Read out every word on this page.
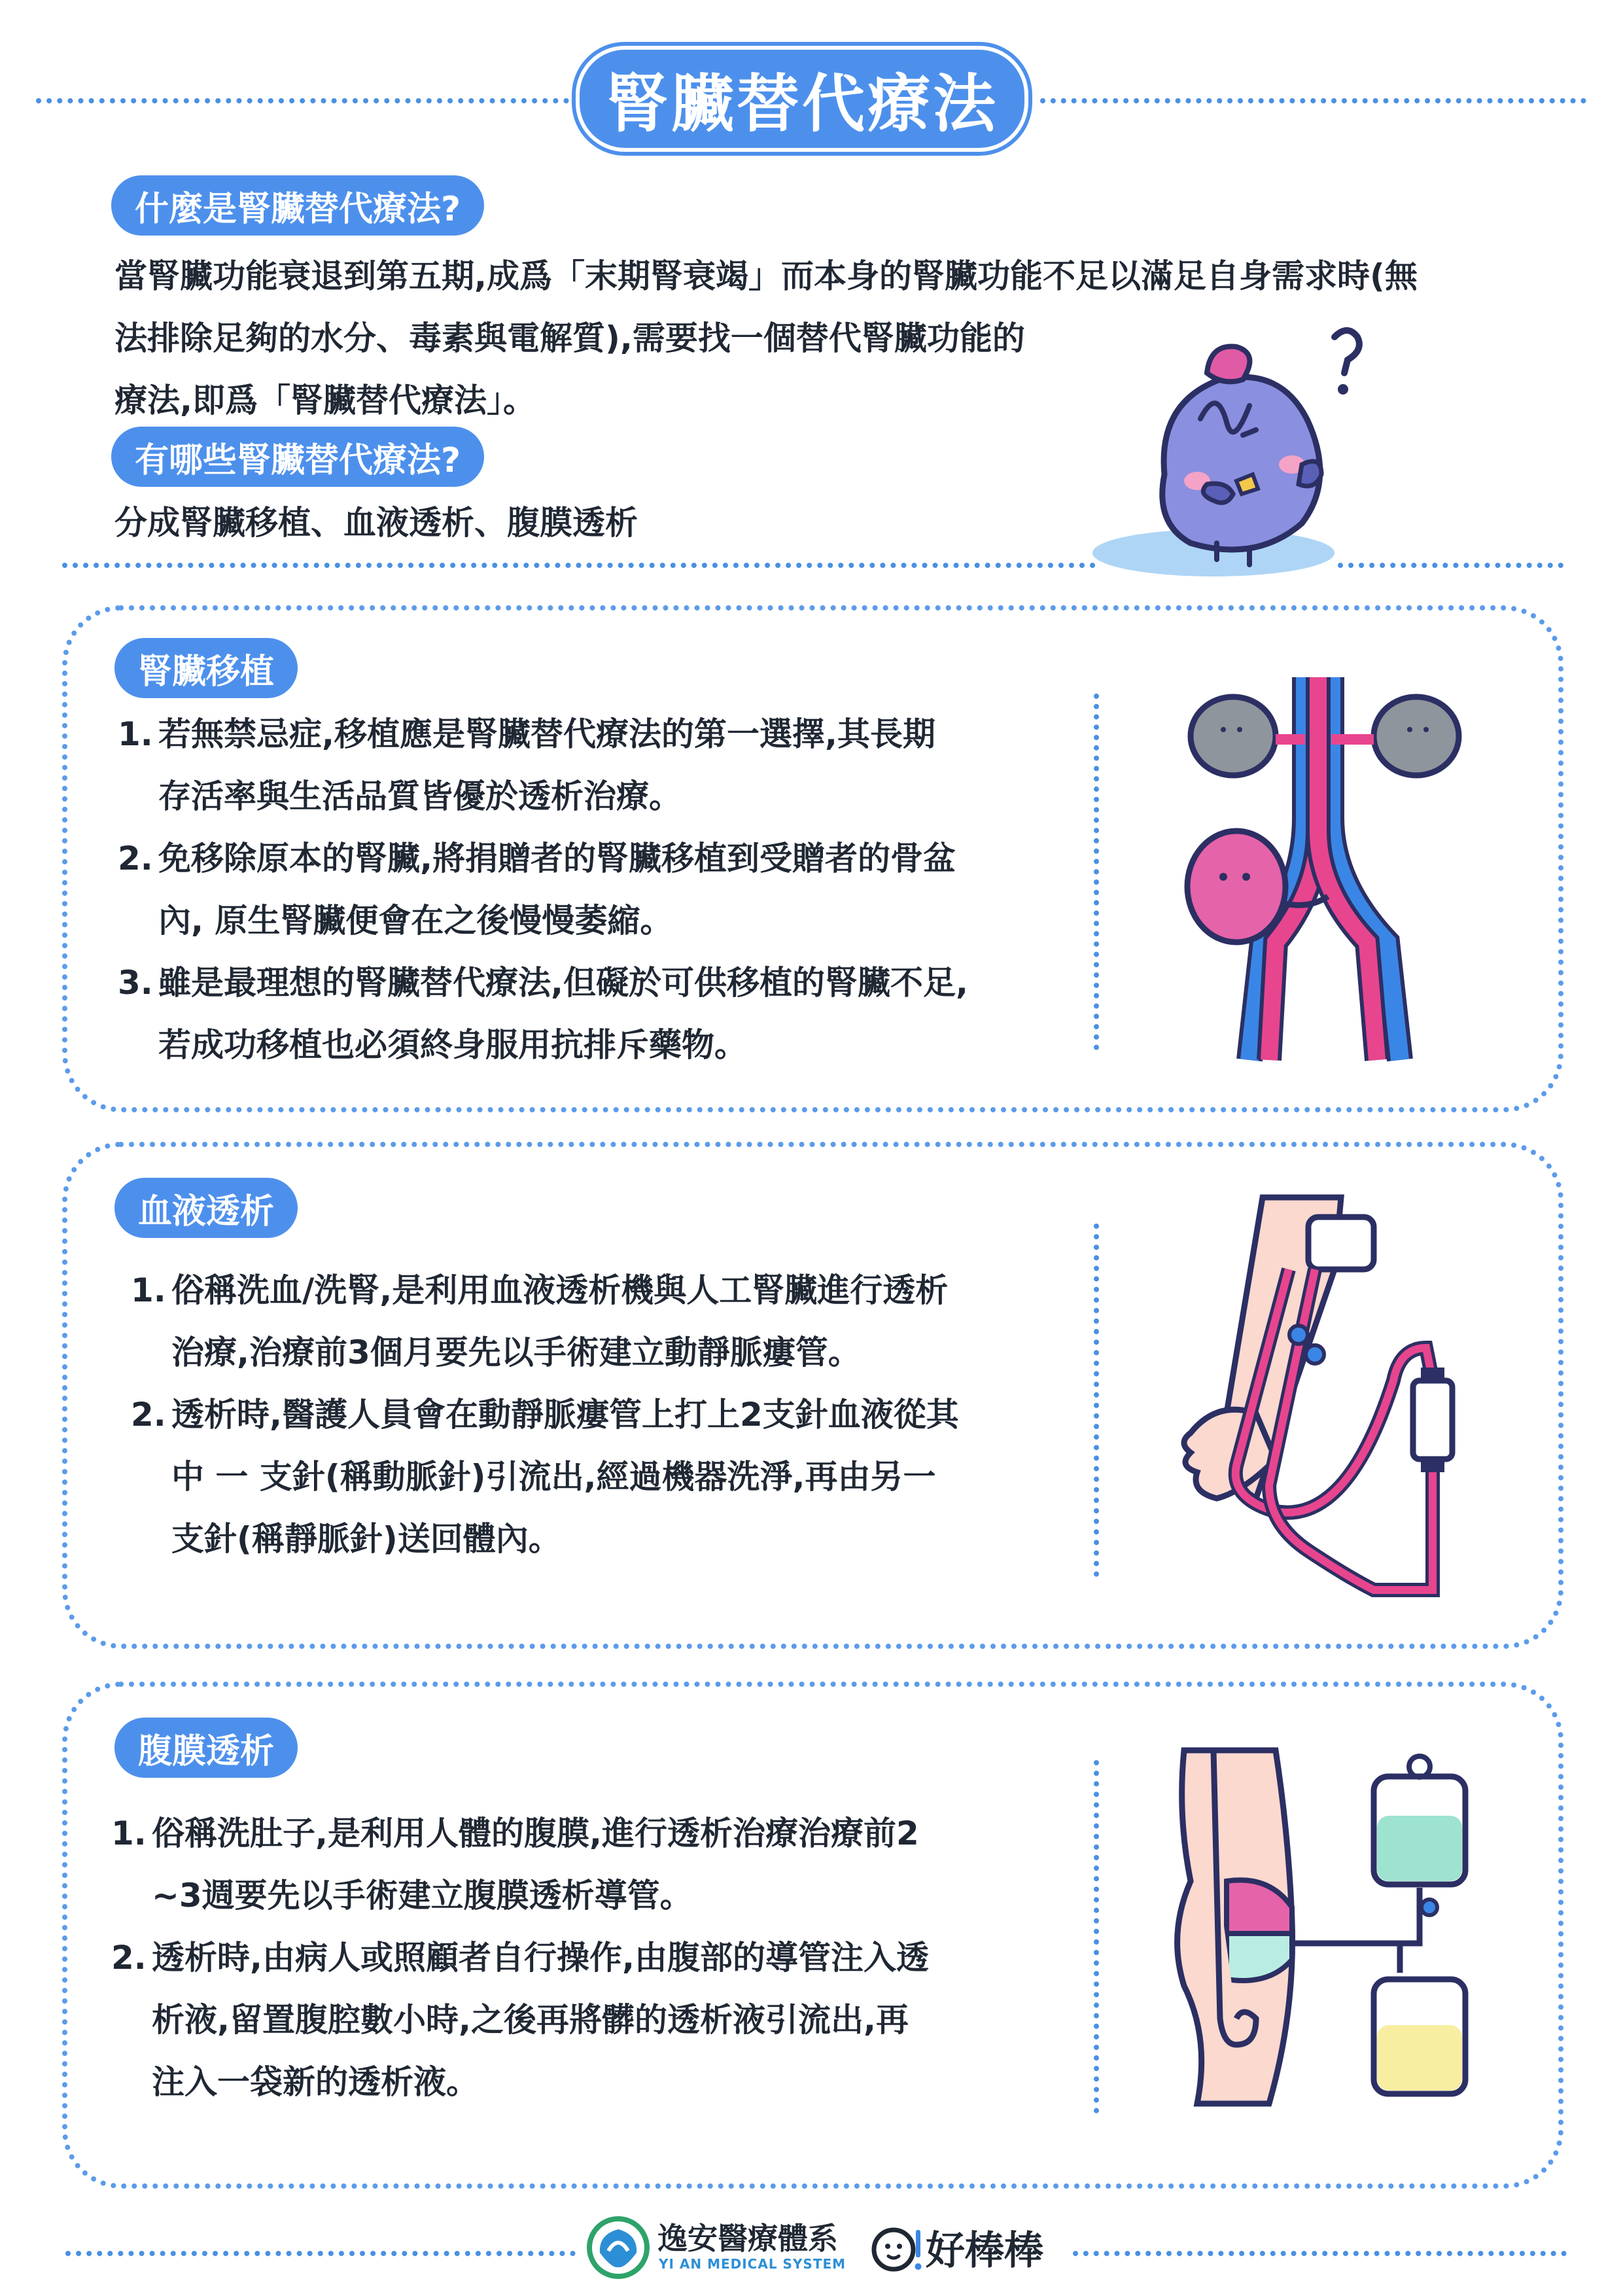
腎臟替代療法
什麼是腎臟替代療法?
當腎臟功能衰退到第五期,成爲「末期腎衰竭」而本身的腎臟功能不足以滿足自身需求時(無
法排除足夠的水分、毒素與電解質),需要找一個替代腎臟功能的
療法,即爲「腎臟替代療法」。
有哪些腎臟替代療法?
分成腎臟移植、血液透析、腹膜透析
腎臟移植
1. 若無禁忌症,移植應是腎臟替代療法的第一選擇,其長期
存活率與生活品質皆優於透析治療。
2. 免移除原本的腎臟,將捐贈者的腎臟移植到受贈者的骨盆
內, 原生腎臟便會在之後慢慢萎縮。
3. 雖是最理想的腎臟替代療法,但礙於可供移植的腎臟不足,
若成功移植也必須終身服用抗排斥藥物。
血液透析
1. 俗稱洗血/洗腎,是利用血液透析機與人工腎臟進行透析
治療,治療前3個月要先以手術建立動靜脈瘻管。
2. 透析時,醫護人員會在動靜脈瘻管上打上2支針血液從其
中 一 支針(稱動脈針)引流出,經過機器洗淨,再由另一
支針(稱靜脈針)送回體內。
腹膜透析
1. 俗稱洗肚子,是利用人體的腹膜,進行透析治療治療前2
~3週要先以手術建立腹膜透析導管。
2. 透析時,由病人或照顧者自行操作,由腹部的導管注入透
析液,留置腹腔數小時,之後再將髒的透析液引流出,再
注入一袋新的透析液。
逸安醫療體系
YI AN MEDICAL SYSTEM 好棒棒
